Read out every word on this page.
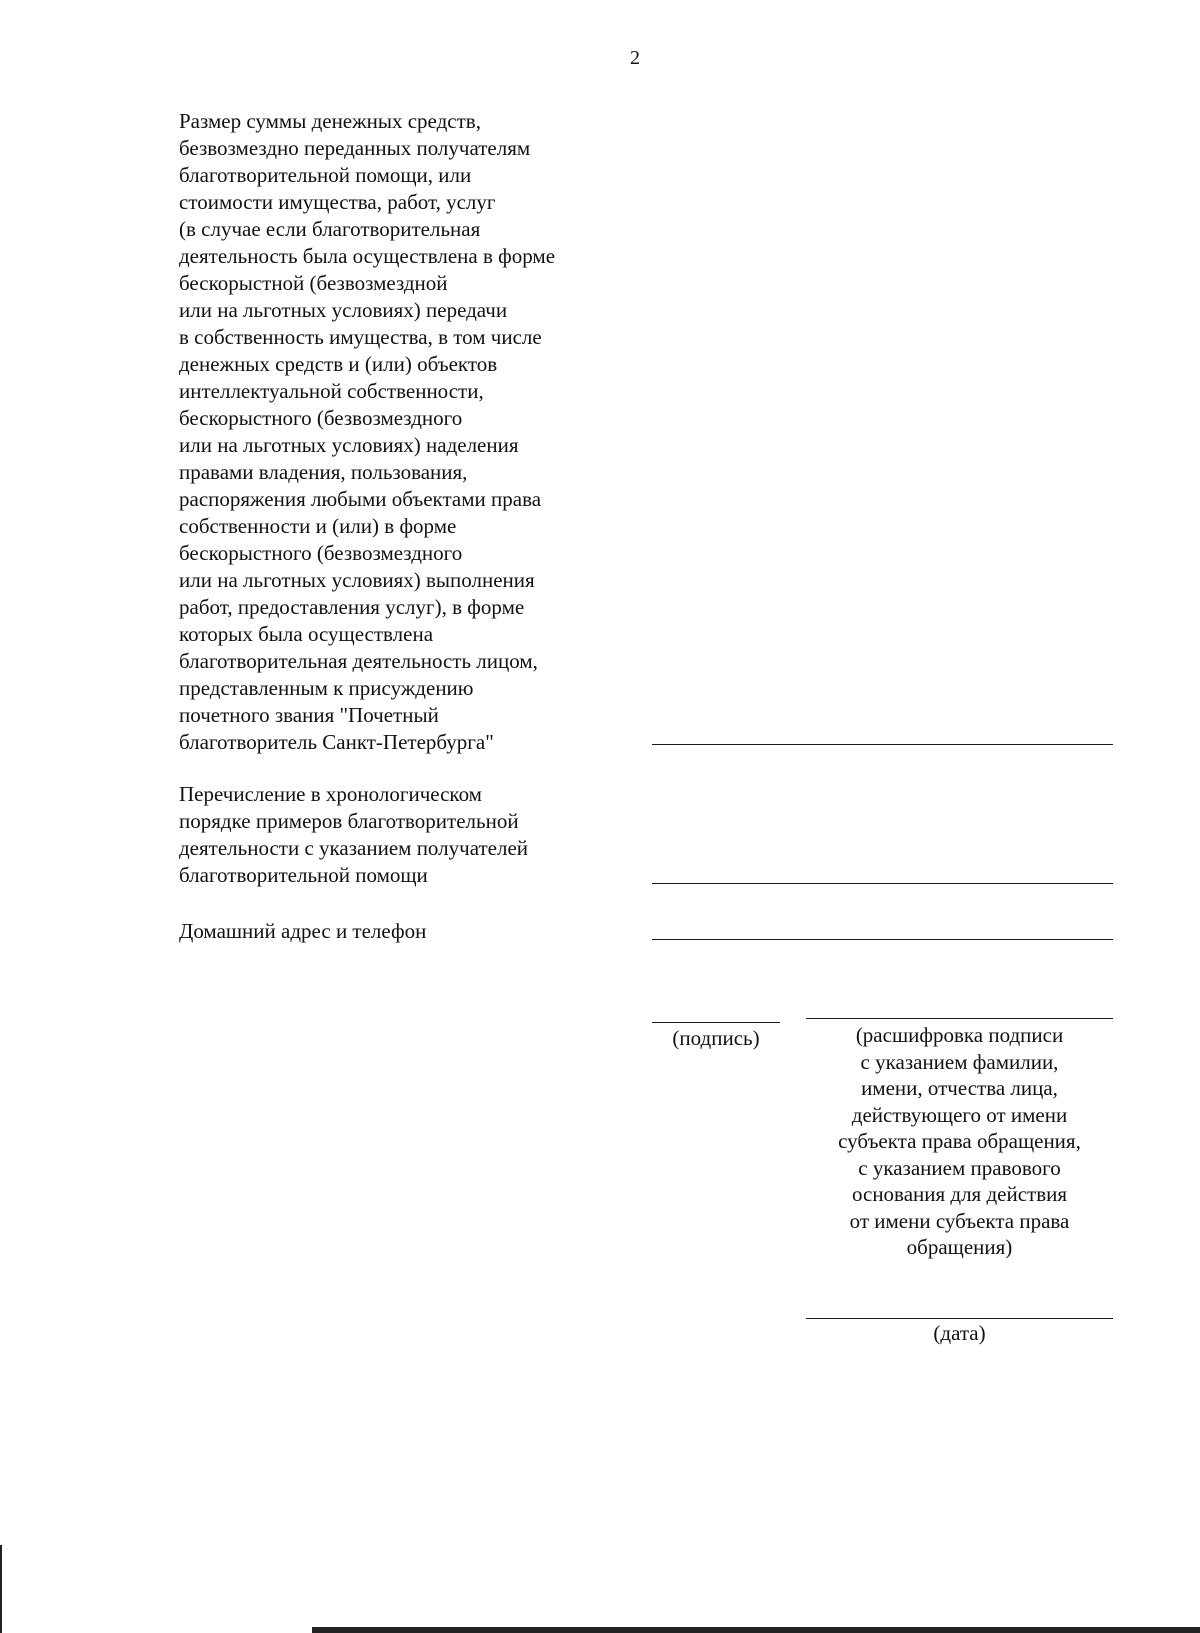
2
Размер суммы денежных средств,
безвозмездно переданных получателям
благотворительной помощи, или
стоимости имущества, работ, услуг
(в случае если благотворительная
деятельность была осуществлена в форме
бескорыстной (безвозмездной
или на льготных условиях) передачи
в собственность имущества, в том числе
денежных средств и (или) объектов
интеллектуальной собственности,
бескорыстного (безвозмездного
или на льготных условиях) наделения
правами владения, пользования,
распоряжения любыми объектами права
собственности и (или) в форме
бескорыстного (безвозмездного
или на льготных условиях) выполнения
работ, предоставления услуг), в форме
которых была осуществлена
благотворительная деятельность лицом,
представленным к присуждению
почетного звания "Почетный
благотворитель Санкт-Петербурга"
Перечисление в хронологическом
порядке примеров благотворительной
деятельности с указанием получателей
благотворительной помощи
Домашний адрес и телефон
(подпись)	(расшифровка подписи
с указанием фамилии,
имени, отчества лица,
действующего от имени
субъекта права обращения,
с указанием правового
основания для действия
от имени субъекта права
обращения)
(дата)
